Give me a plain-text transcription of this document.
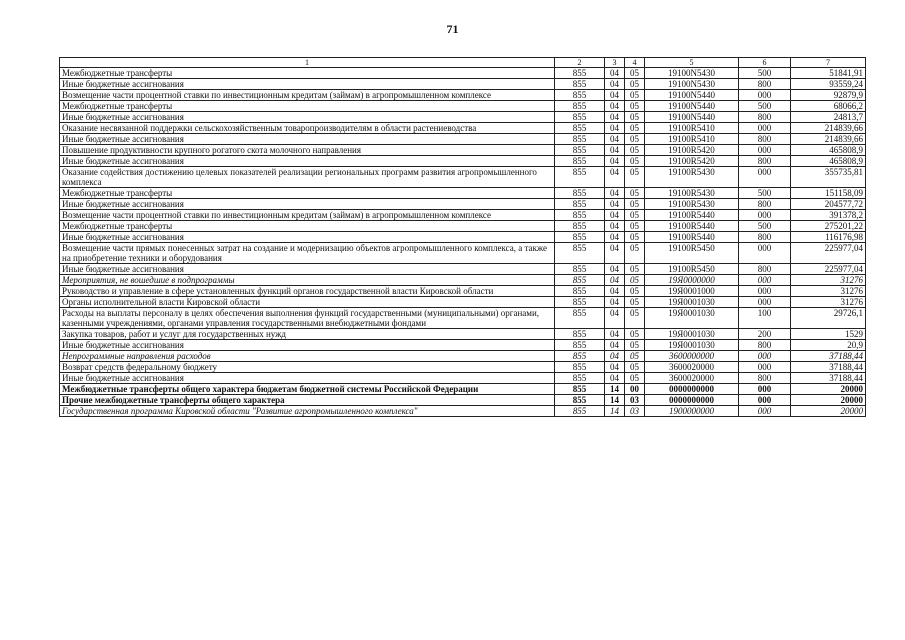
71
1	2	3	4	5	6	7
Межбюджетные трансферты	855	04	05	19100N5430	500	51841,91
Иные бюджетные ассигнования	855	04	05	19100N5430	800	93559,24
Возмещение части процентной ставки по инвестиционным кредитам (займам) в агропромышленном комплексе	855	04	05	19100N5440	000	92879,9
Межбюджетные трансферты	855	04	05	19100N5440	500	68066,2
Иные бюджетные ассигнования	855	04	05	19100N5440	800	24813,7
Оказание несвязанной поддержки сельскохозяйственным товаропроизводителям в области растениеводства	855	04	05	19100R5410	000	214839,66
Иные бюджетные ассигнования	855	04	05	19100R5410	800	214839,66
Повышение продуктивности крупного рогатого скота молочного направления	855	04	05	19100R5420	000	465808,9
Иные бюджетные ассигнования	855	04	05	19100R5420	800	465808,9
Оказание содействия достижению целевых показателей реализации региональных программ развития агропромышленного комплекса	855	04	05	19100R5430	000	355735,81
Межбюджетные трансферты	855	04	05	19100R5430	500	151158,09
Иные бюджетные ассигнования	855	04	05	19100R5430	800	204577,72
Возмещение части процентной ставки по инвестиционным кредитам (займам) в агропромышленном комплексе	855	04	05	19100R5440	000	391378,2
Межбюджетные трансферты	855	04	05	19100R5440	500	275201,22
Иные бюджетные ассигнования	855	04	05	19100R5440	800	116176,98
Возмещение части прямых понесенных затрат на создание и модернизацию объектов агропромышленного комплекса, а также на приобретение техники и оборудования	855	04	05	19100R5450	000	225977,04
Иные бюджетные ассигнования	855	04	05	19100R5450	800	225977,04
Мероприятия, не вошедшие в подпрограммы	855	04	05	19Я0000000	000	31276
Руководство и управление в сфере установленных функций органов государственной власти Кировской области	855	04	05	19Я0001000	000	31276
Органы исполнительной власти Кировской области	855	04	05	19Я0001030	000	31276
Расходы на выплаты персоналу в целях обеспечения выполнения функций государственными (муниципальными) органами, казенными учреждениями, органами управления государственными внебюджетными фондами	855	04	05	19Я0001030	100	29726,1
Закупка товаров, работ и услуг для государственных нужд	855	04	05	19Я0001030	200	1529
Иные бюджетные ассигнования	855	04	05	19Я0001030	800	20,9
Непрограммные направления расходов	855	04	05	3600000000	000	37188,44
Возврат средств федеральному бюджету	855	04	05	3600020000	000	37188,44
Иные бюджетные ассигнования	855	04	05	3600020000	800	37188,44
Межбюджетные трансферты общего характера бюджетам бюджетной системы Российской Федерации	855	14	00	0000000000	000	20000
Прочие межбюджетные трансферты общего характера	855	14	03	0000000000	000	20000
Государственная программа Кировской области "Развитие агропромышленного комплекса"	855	14	03	1900000000	000	20000
